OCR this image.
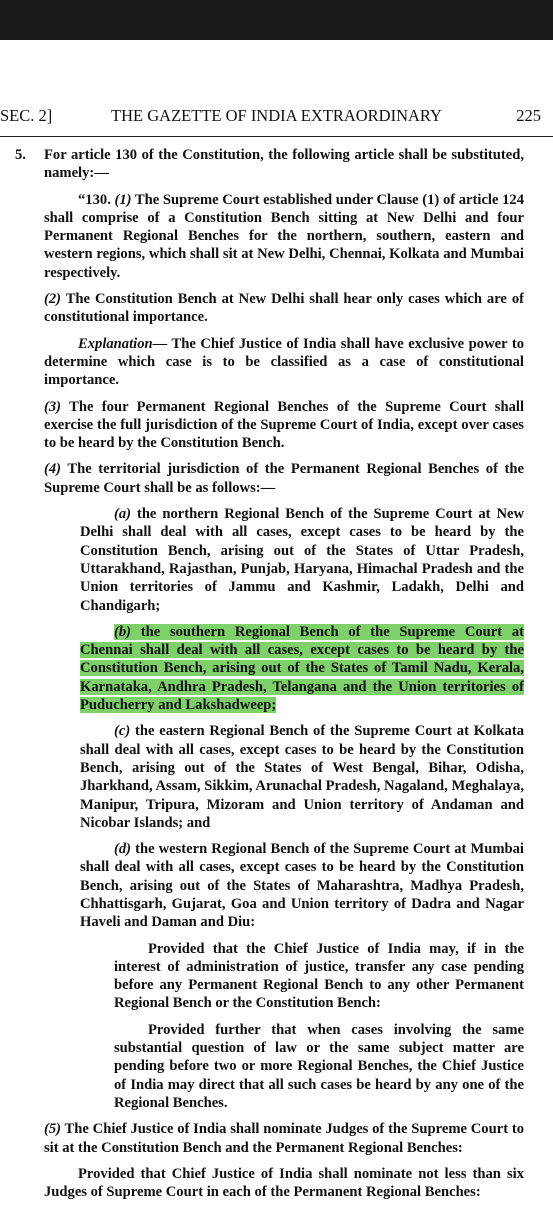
SEC. 2]	THE GAZETTE OF INDIA EXTRAORDINARY	225
5. For article 130 of the Constitution, the following article shall be substituted, namely:—

“130. (1) The Supreme Court established under Clause (1) of article 124 shall comprise of a Constitution Bench sitting at New Delhi and four Permanent Regional Benches for the northern, southern, eastern and western regions, which shall sit at New Delhi, Chennai, Kolkata and Mumbai respectively.

(2) The Constitution Bench at New Delhi shall hear only cases which are of constitutional importance.

Explanation— The Chief Justice of India shall have exclusive power to determine which case is to be classified as a case of constitutional importance.

(3) The four Permanent Regional Benches of the Supreme Court shall exercise the full jurisdiction of the Supreme Court of India, except over cases to be heard by the Constitution Bench.

(4) The territorial jurisdiction of the Permanent Regional Benches of the Supreme Court shall be as follows:—

(a) the northern Regional Bench of the Supreme Court at New Delhi shall deal with all cases, except cases to be heard by the Constitution Bench, arising out of the States of Uttar Pradesh, Uttarakhand, Rajasthan, Punjab, Haryana, Himachal Pradesh and the Union territories of Jammu and Kashmir, Ladakh, Delhi and Chandigarh;

(b) the southern Regional Bench of the Supreme Court at Chennai shall deal with all cases, except cases to be heard by the Constitution Bench, arising out of the States of Tamil Nadu, Kerala, Karnataka, Andhra Pradesh, Telangana and the Union territories of Puducherry and Lakshadweep;

(c) the eastern Regional Bench of the Supreme Court at Kolkata shall deal with all cases, except cases to be heard by the Constitution Bench, arising out of the States of West Bengal, Bihar, Odisha, Jharkhand, Assam, Sikkim, Arunachal Pradesh, Nagaland, Meghalaya, Manipur, Tripura, Mizoram and Union territory of Andaman and Nicobar Islands; and

(d) the western Regional Bench of the Supreme Court at Mumbai shall deal with all cases, except cases to be heard by the Constitution Bench, arising out of the States of Maharashtra, Madhya Pradesh, Chhattisgarh, Gujarat, Goa and Union territory of Dadra and Nagar Haveli and Daman and Diu:

Provided that the Chief Justice of India may, if in the interest of administration of justice, transfer any case pending before any Permanent Regional Bench to any other Permanent Regional Bench or the Constitution Bench:

Provided further that when cases involving the same substantial question of law or the same subject matter are pending before two or more Regional Benches, the Chief Justice of India may direct that all such cases be heard by any one of the Regional Benches.

(5) The Chief Justice of India shall nominate Judges of the Supreme Court to sit at the Constitution Bench and the Permanent Regional Benches:

Provided that Chief Justice of India shall nominate not less than six Judges of Supreme Court in each of the Permanent Regional Benches:
